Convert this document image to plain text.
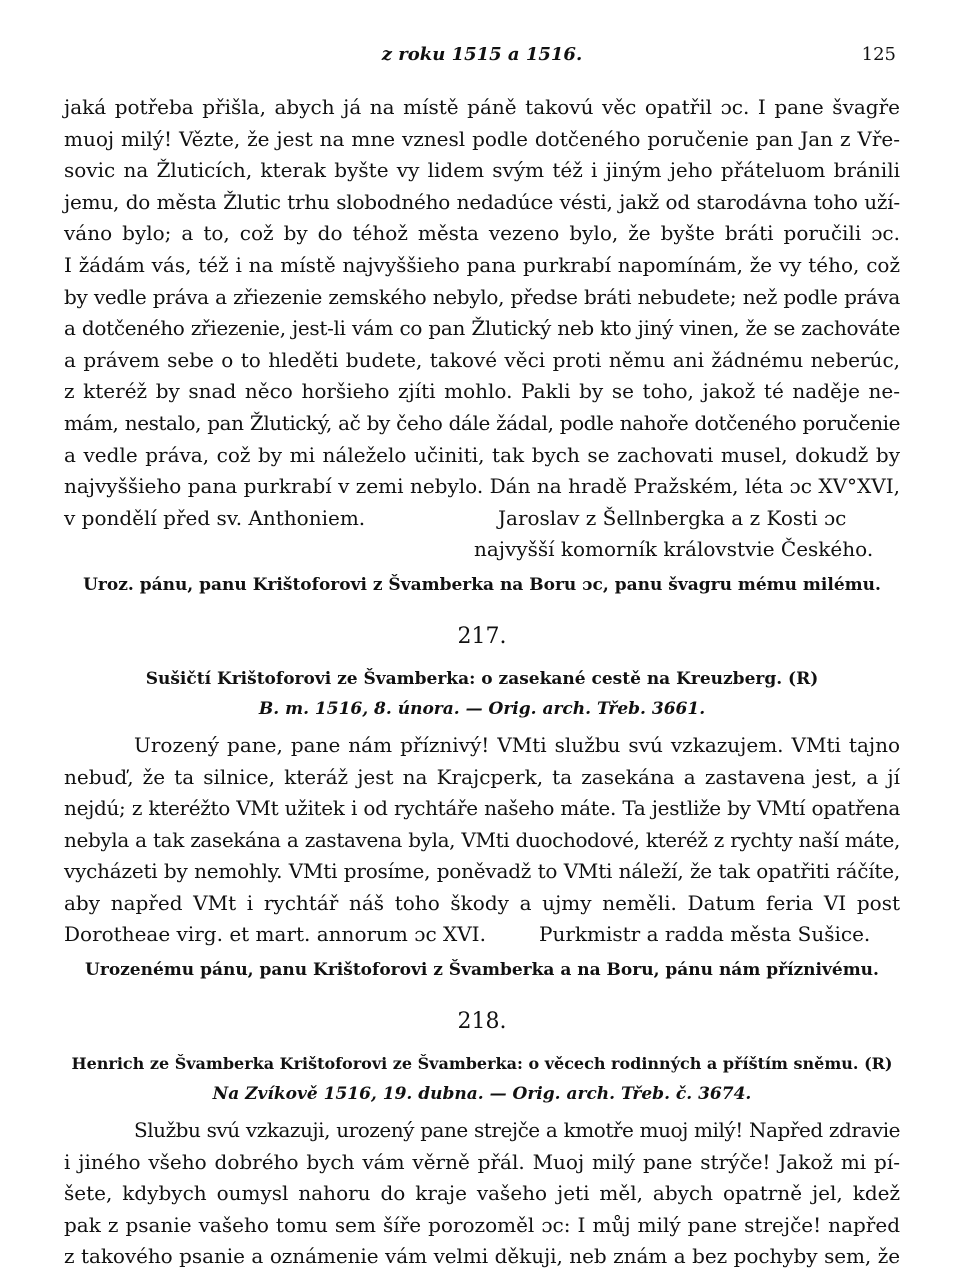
z roku 1515 a 1516.	125
jaká potřeba přišla, abych já na místě páně takovú věc opatřil ɔc. I pane švagře
muoj milý! Vězte, že jest na mne vznesl podle dotčeného poručenie pan Jan z Vře-
sovic na Žluticích, kterak byšte vy lidem svým též i jiným jeho přáteluom bránili
jemu, do města Žlutic trhu slobodného nedadúce vésti, jakž od starodávna toho uží-
váno bylo; a to, což by do téhož města vezeno bylo, že byšte bráti poručili ɔc.
I žádám vás, též i na místě najvyššieho pana purkrabí napomínám, že vy tého, což
by vedle práva a zřiezenie zemského nebylo, předse bráti nebudete; než podle práva
a dotčeného zřiezenie, jest-li vám co pan Žlutický neb kto jiný vinen, že se zachováte
a právem sebe o to hleděti budete, takové věci proti němu ani žádnému neberúc,
z kteréž by snad něco horšieho zjíti mohlo. Pakli by se toho, jakož té naděje ne-
mám, nestalo, pan Žlutický, ač by čeho dále žádal, podle nahoře dotčeného poručenie
a vedle práva, což by mi náleželo učiniti, tak bych se zachovati musel, dokudž by
najvyššieho pana purkrabí v zemi nebylo. Dán na hradě Pražském, léta ɔc XV°XVI,
v pondělí před sv. Anthoniem.	Jaroslav z Šellnbergka a z Kosti ɔc
najvyšší komorník královstvie Českého.
Uroz. pánu, panu Krištoforovi z Švamberka na Boru ɔc, panu švagru mému milému.
217.
Sušičtí Krištoforovi ze Švamberka: o zasekané cestě na Kreuzberg. (R)
B. m. 1516, 8. února. — Orig. arch. Třeb. 3661.
Urozený pane, pane nám příznivý! VMti službu svú vzkazujem. VMti tajno
nebuď, že ta silnice, kteráž jest na Krajcperk, ta zasekána a zastavena jest, a jí
nejdú; z kteréžto VMt užitek i od rychtáře našeho máte. Ta jestliže by VMtí opatřena
nebyla a tak zasekána a zastavena byla, VMti duochodové, kteréž z rychty naší máte,
vycházeti by nemohly. VMti prosíme, poněvadž to VMti náleží, že tak opatřiti ráčíte,
aby napřed VMt i rychtář náš toho škody a ujmy neměli. Datum feria VI post
Dorotheae virg. et mart. annorum ɔc XVI.	Purkmistr a radda města Sušice.
Urozenému pánu, panu Krištoforovi z Švamberka a na Boru, pánu nám příznivému.
218.
Henrich ze Švamberka Krištoforovi ze Švamberka: o věcech rodinných a příštím sněmu. (R)
Na Zvíkově 1516, 19. dubna. — Orig. arch. Třeb. č. 3674.
Službu svú vzkazuji, urozený pane strejče a kmotře muoj milý! Napřed zdravie
i jiného všeho dobrého bych vám věrně přál. Muoj milý pane strýče! Jakož mi pí-
šete, kdybych oumysl nahoru do kraje vašeho jeti měl, abych opatrně jel, kdež
pak z psanie vašeho tomu sem šíře porozoměl ɔc: I můj milý pane strejče! napřed
z takového psanie a oznámenie vám velmi děkuji, neb znám a bez pochyby sem, že
